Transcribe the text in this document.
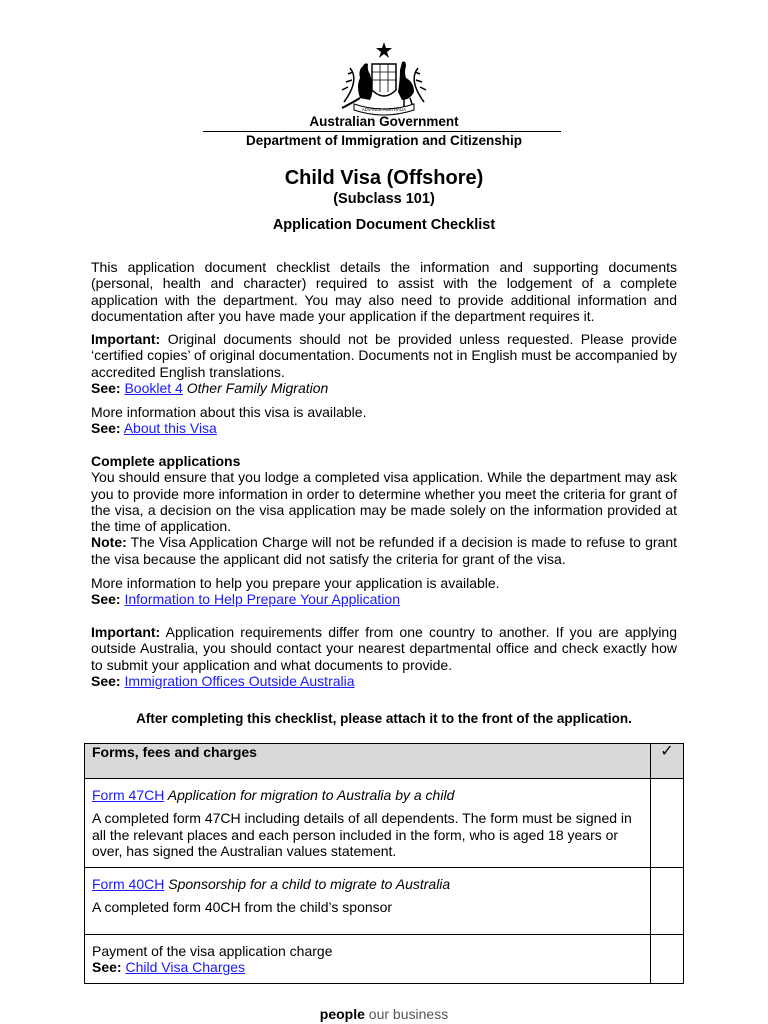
ADVANCE AUSTRALIA
Australian Government
Department of Immigration and Citizenship
Child Visa (Offshore)
(Subclass 101)
Application Document Checklist
This application document checklist details the information and supporting documents (personal, health and character) required to assist with the lodgement of a complete application with the department. You may also need to provide additional information and documentation after you have made your application if the department requires it.
Important: Original documents should not be provided unless requested. Please provide ‘certified copies’ of original documentation. Documents not in English must be accompanied by accredited English translations.
See: Booklet 4 Other Family Migration
More information about this visa is available.
See: About this Visa
Complete applications
You should ensure that you lodge a completed visa application. While the department may ask you to provide more information in order to determine whether you meet the criteria for grant of the visa, a decision on the visa application may be made solely on the information provided at the time of application.
Note: The Visa Application Charge will not be refunded if a decision is made to refuse to grant the visa because the applicant did not satisfy the criteria for grant of the visa.
More information to help you prepare your application is available.
See: Information to Help Prepare Your Application
Important: Application requirements differ from one country to another. If you are applying outside Australia, you should contact your nearest departmental office and check exactly how to submit your application and what documents to provide.
See: Immigration Offices Outside Australia
After completing this checklist, please attach it to the front of the application.
Forms, fees and charges	✓

Form 47CH Application for migration to Australia by a child
A completed form 47CH including details of all dependents. The form must be signed in all the relevant places and each person included in the form, who is aged 18 years or over, has signed the Australian values statement.	

Form 40CH Sponsorship for a child to migrate to Australia
A completed form 40CH from the child’s sponsor	

Payment of the visa application charge
See: Child Visa Charges	

people our business
